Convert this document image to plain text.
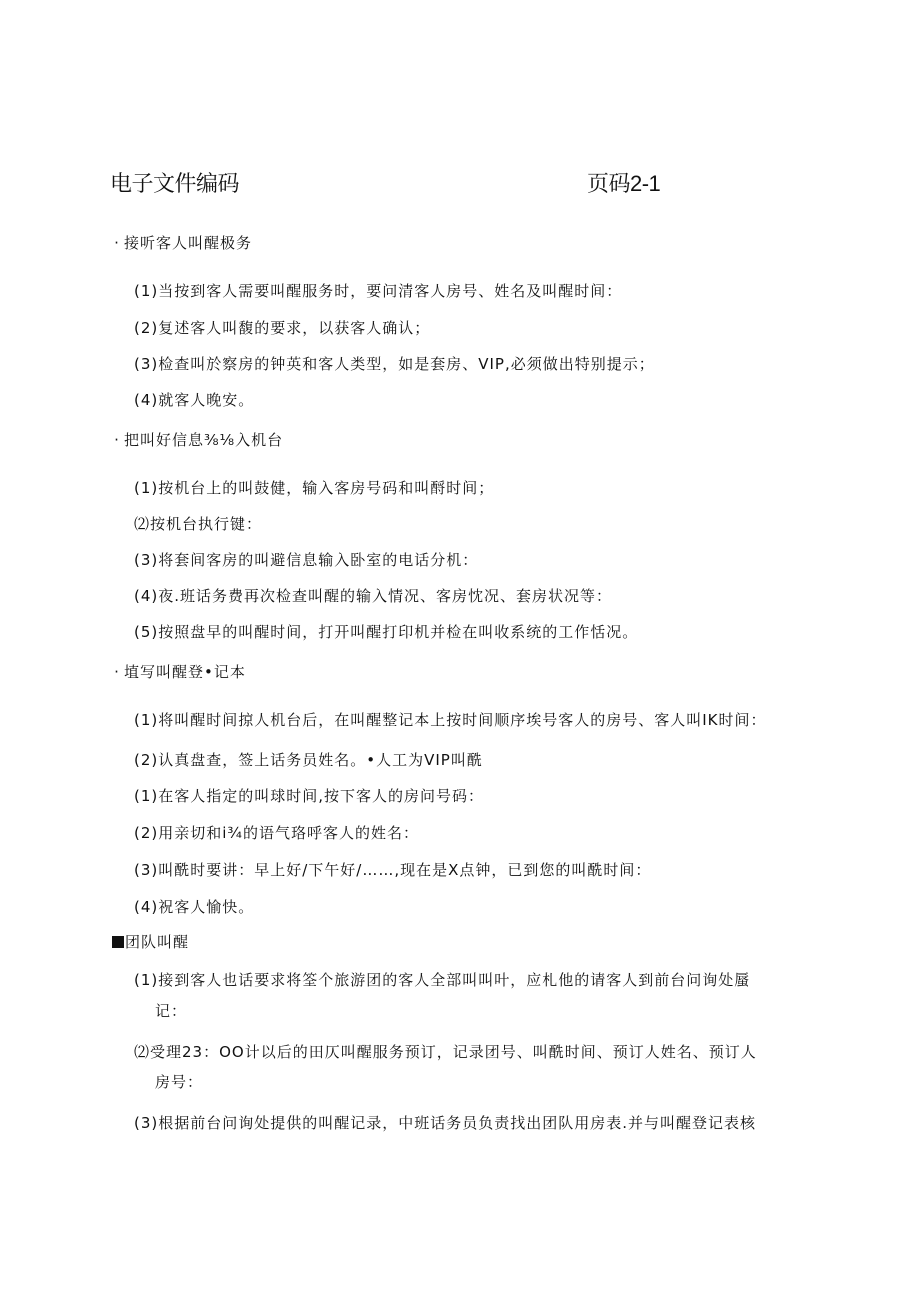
电子文件编码	页码2-1
· 接听客人叫醒极务
(1)当按到客人需要叫醒服务时，要问清客人房号、姓名及叫醒时间：
(2)复述客人叫馥的要求，以获客人确认；
(3)检查叫於察房的钟英和客人类型，如是套房、VIP,必须做出特别提示；
(4)就客人晚安。
· 把叫好信息⅜⅛入机台
(1)按机台上的叫鼓健，输入客房号码和叫酹时间；
⑵按机台执行键：
(3)将套间客房的叫避信息输入卧室的电话分机：
(4)夜.班话务费再次检查叫醒的输入情况、客房忱况、套房状况等：
(5)按照盘早的叫醒时间，打开叫醒打印机并检在叫收系统的工作恬况。
· 埴写叫醒登•记本
(1)将叫醒时间掠人机台后，在叫醒整记本上按时间顺序埃号客人的房号、客人叫IK时间：
(2)认真盘查，签上话务员姓名。•人工为VIP叫酰
(1)在客人指定的叫球时间,按下客人的房问号码：
(2)用亲切和i¾的语气珞呼客人的姓名：
(3)叫酰时要讲：早上好/下午好/……,现在是X点钟，已到您的叫酰时间：
(4)祝客人愉快。
团队叫醒
(1)接到客人也话要求将筌个旅游团的客人全部叫叫叶，应札他的请客人到前台问询处蜃
记：
⑵受理23：OO计以后的田仄叫醒服务预订，记录团号、叫酰时间、预订人姓名、预订人
房号：
(3)根据前台问询处提供的叫醒记录，中班话务员负责找出团队用房表.并与叫醒登记表核
